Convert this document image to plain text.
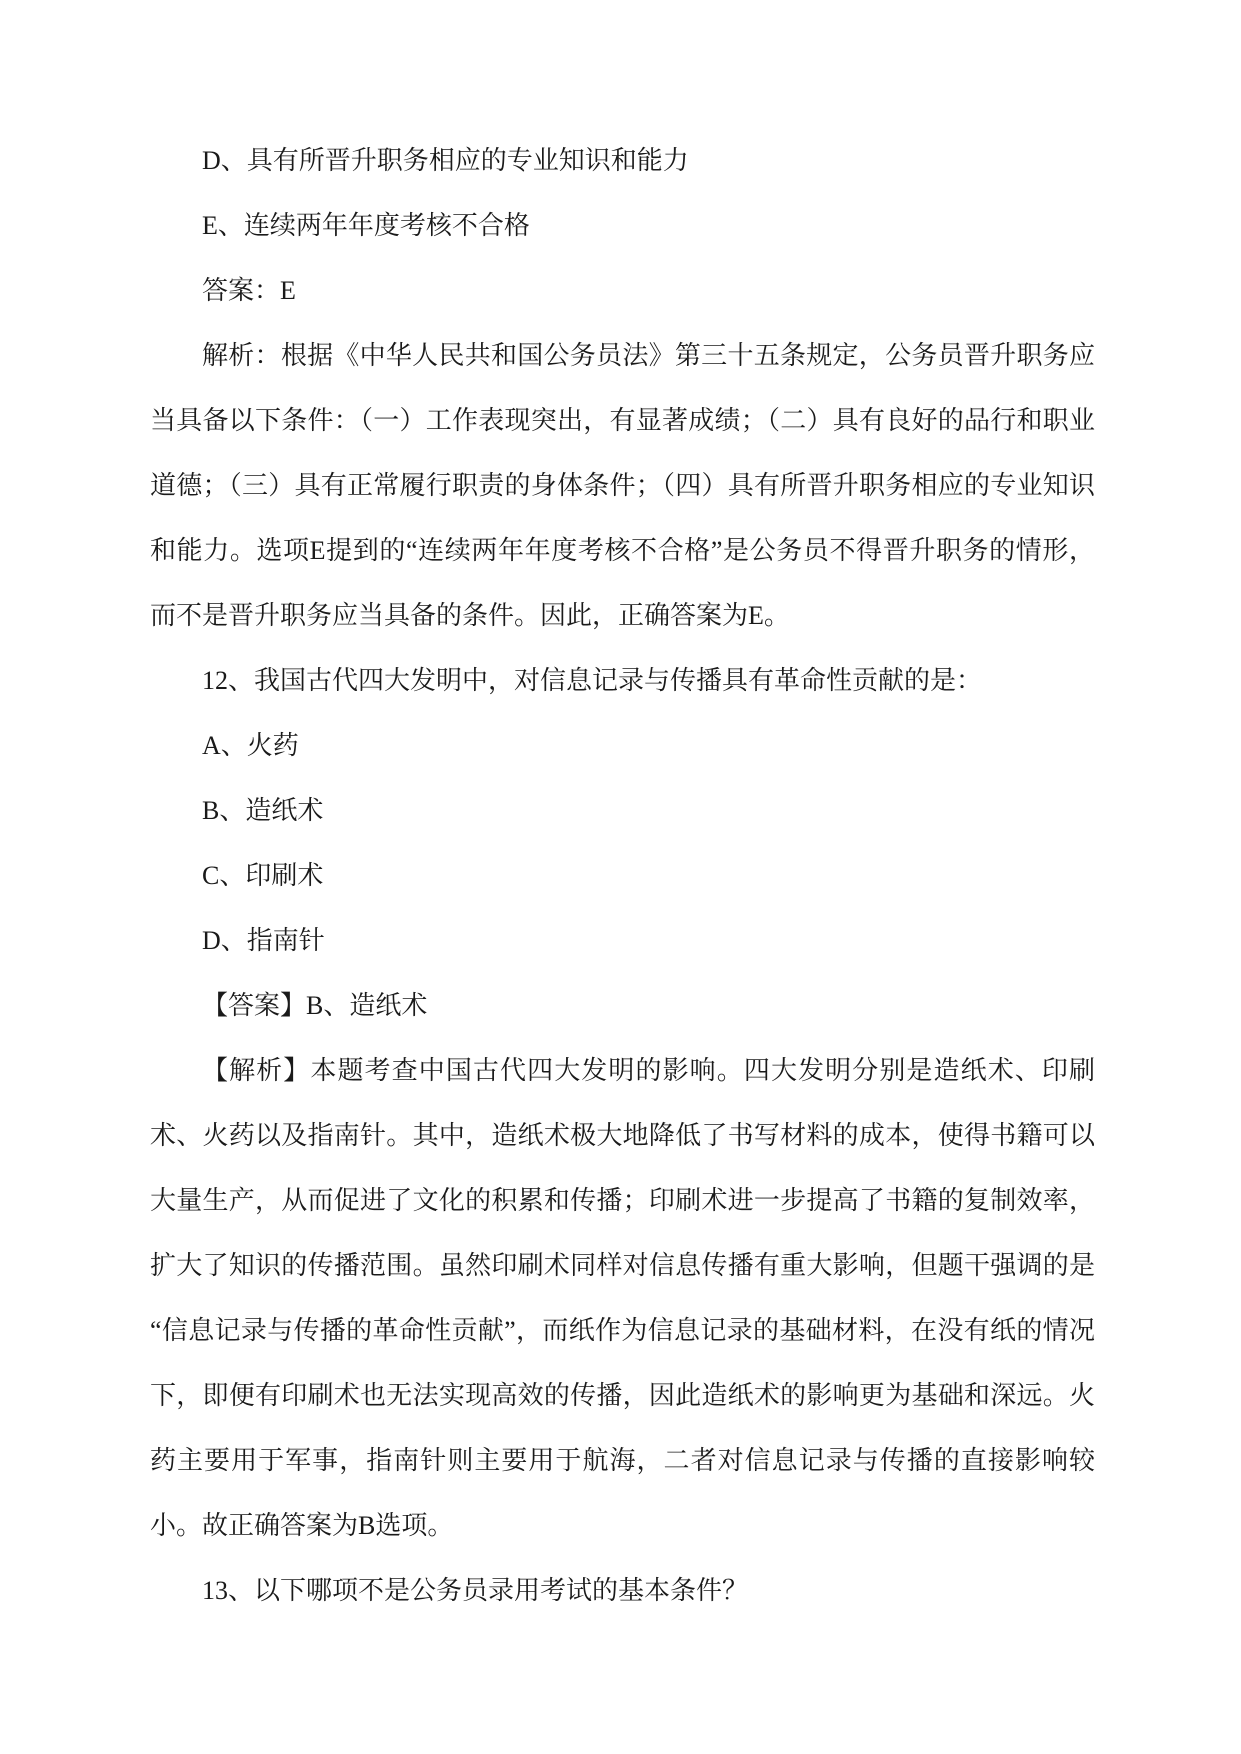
D、具有所晋升职务相应的专业知识和能力

E、连续两年年度考核不合格

答案：E

解析：根据《中华人民共和国公务员法》第三十五条规定，公务员晋升职务应当具备以下条件：（一）工作表现突出，有显著成绩；（二）具有良好的品行和职业道德；（三）具有正常履行职责的身体条件；（四）具有所晋升职务相应的专业知识和能力。选项E提到的“连续两年年度考核不合格”是公务员不得晋升职务的情形，而不是晋升职务应当具备的条件。因此，正确答案为E。

12、我国古代四大发明中，对信息记录与传播具有革命性贡献的是：

A、火药

B、造纸术

C、印刷术

D、指南针

【答案】B、造纸术

【解析】本题考查中国古代四大发明的影响。四大发明分别是造纸术、印刷术、火药以及指南针。其中，造纸术极大地降低了书写材料的成本，使得书籍可以大量生产，从而促进了文化的积累和传播；印刷术进一步提高了书籍的复制效率，扩大了知识的传播范围。虽然印刷术同样对信息传播有重大影响，但题干强调的是“信息记录与传播的革命性贡献”，而纸作为信息记录的基础材料，在没有纸的情况下，即便有印刷术也无法实现高效的传播，因此造纸术的影响更为基础和深远。火药主要用于军事，指南针则主要用于航海，二者对信息记录与传播的直接影响较小。故正确答案为B选项。

13、以下哪项不是公务员录用考试的基本条件？
